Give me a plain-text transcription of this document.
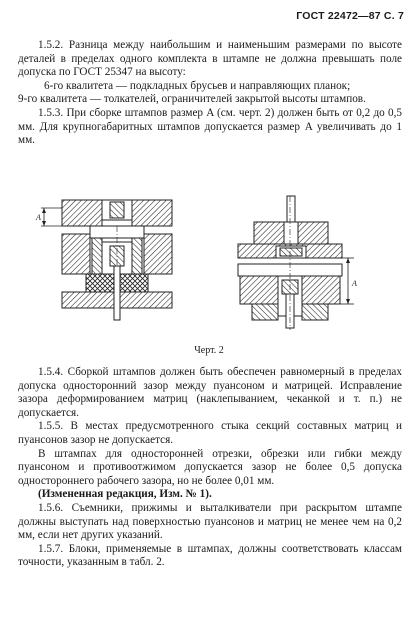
ГОСТ 22472—87 С. 7

1.5.2. Разница между наибольшим и наименьшим размерами по высоте деталей в пределах одного комплекта в штампе не должна превышать поле допуска по ГОСТ 25347 на высоту:

6-го квалитета — подкладных брусьев и направляющих планок;

9-го квалитета — толкателей, ограничителей закрытой высоты штампов.

1.5.3. При сборке штампов размер A (см. черт. 2) должен быть от 0,2 до 0,5 мм. Для крупногабаритных штампов допускается размер A увеличивать до 1 мм.

A
A
Черт. 2

1.5.4. Сборкой штампов должен быть обеспечен равномерный в пределах допуска односторонний зазор между пуансоном и матрицей. Исправление зазора деформированием матриц (наклепыванием, чеканкой и т. п.) не допускается.

1.5.5. В местах предусмотренного стыка секций составных матриц и пуансонов зазор не допускается.

В штампах для односторонней отрезки, обрезки или гибки между пуансоном и противоотжимом допускается зазор не более 0,5 допуска одностороннего рабочего зазора, но не более 0,01 мм.

(Измененная редакция, Изм. № 1).

1.5.6. Съемники, прижимы и выталкиватели при раскрытом штампе должны выступать над поверхностью пуансонов и матриц не менее чем на 0,2 мм, если нет других указаний.

1.5.7. Блоки, применяемые в штампах, должны соответствовать классам точности, указанным в табл. 2.
